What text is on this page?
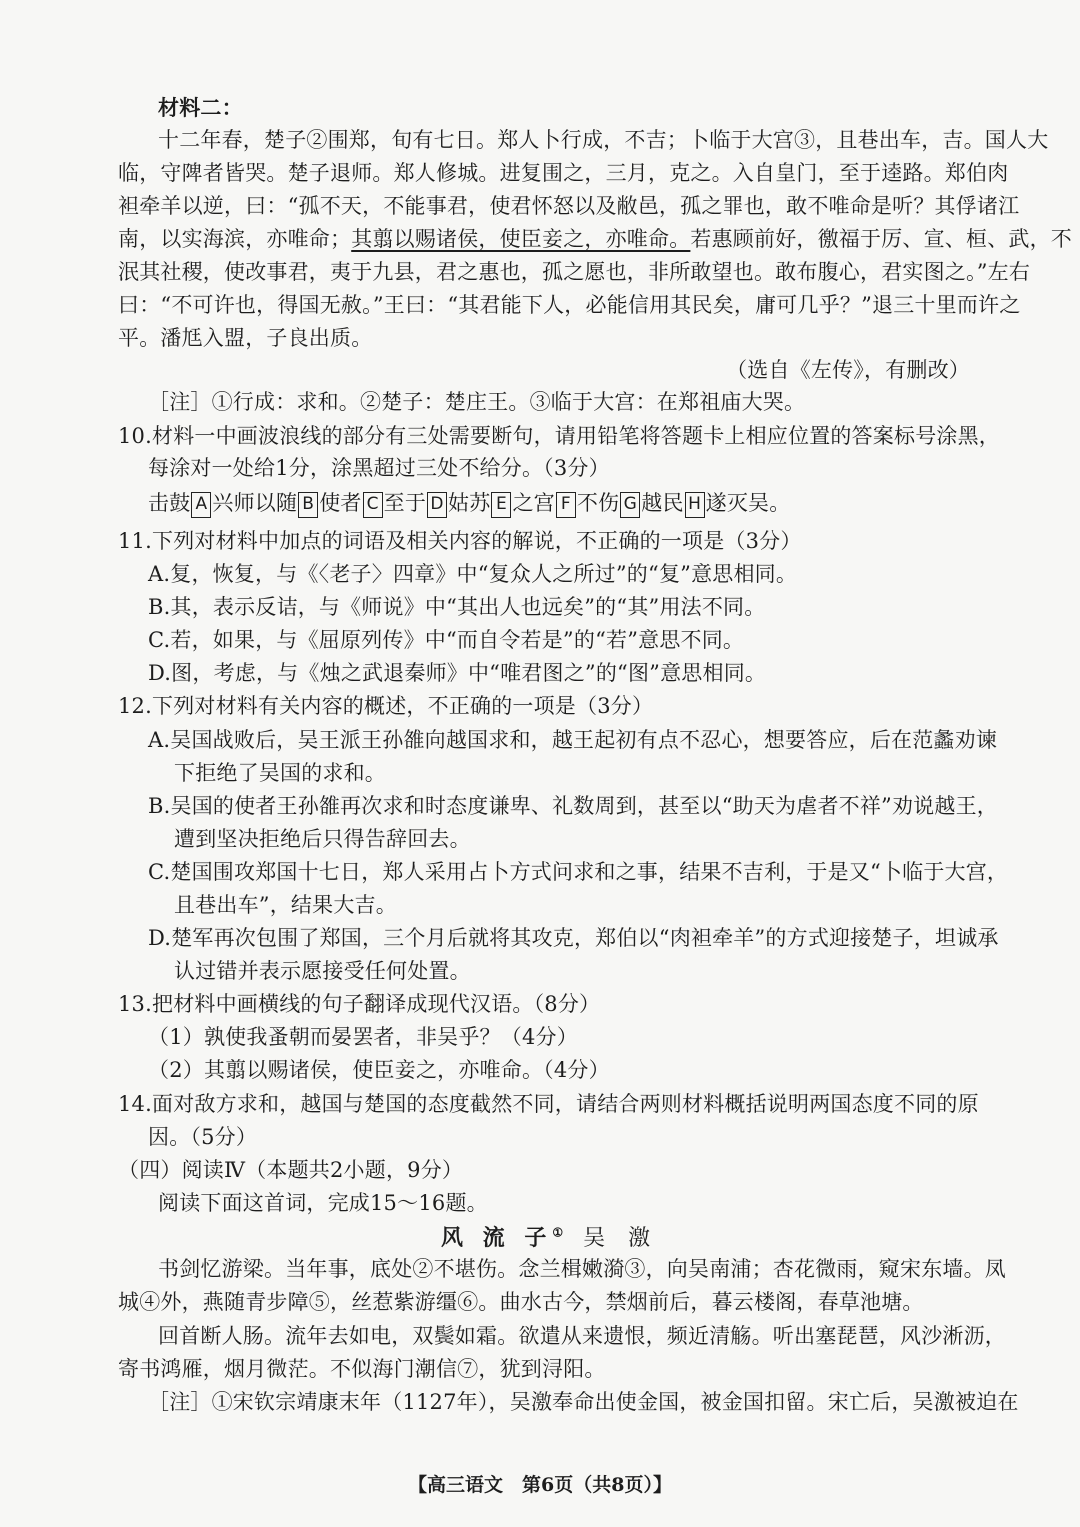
材料二：
十二年春，楚子②围郑，旬有七日。郑人卜行成，不吉；卜临于大宫③，且巷出车，吉。国人大
临，守陴者皆哭。楚子退师。郑人修城。进复围之，三月，克之。入自皇门，至于逵路。郑伯肉
袒牵羊以逆，曰：“孤不天，不能事君，使君怀怒以及敝邑，孤之罪也，敢不唯命是听？其俘诸江
南，以实海滨，亦唯命；其翦以赐诸侯，使臣妾之，亦唯命。若惠顾前好，徼福于厉、宣、桓、武，不
泯其社稷，使改事君，夷于九县，君之惠也，孤之愿也，非所敢望也。敢布腹心，君实图之。”左右
曰：“不可许也，得国无赦。”王曰：“其君能下人，必能信用其民矣，庸可几乎？”退三十里而许之
平。潘尪入盟，子良出质。
（选自《左传》，有删改）
［注］①行成：求和。②楚子：楚庄王。③临于大宫：在郑祖庙大哭。
10.材料一中画波浪线的部分有三处需要断句，请用铅笔将答题卡上相应位置的答案标号涂黑，
每涂对一处给1分，涂黑超过三处不给分。（3分）
击鼓 A 兴师以随 B 使者 C 至于 D 姑苏 E 之宫 F 不伤 G 越民 H 遂灭吴。
11.下列对材料中加点的词语及相关内容的解说，不正确的一项是（3分）
A.复，恢复，与《〈老子〉四章》中“复众人之所过”的“复”意思相同。
B.其，表示反诘，与《师说》中“其出人也远矣”的“其”用法不同。
C.若，如果，与《屈原列传》中“而自令若是”的“若”意思不同。
D.图，考虑，与《烛之武退秦师》中“唯君图之”的“图”意思相同。
12.下列对材料有关内容的概述，不正确的一项是（3分）
A.吴国战败后，吴王派王孙雒向越国求和，越王起初有点不忍心，想要答应，后在范蠡劝谏
下拒绝了吴国的求和。
B.吴国的使者王孙雒再次求和时态度谦卑、礼数周到，甚至以“助天为虐者不祥”劝说越王，
遭到坚决拒绝后只得告辞回去。
C.楚国围攻郑国十七日，郑人采用占卜方式问求和之事，结果不吉利，于是又“卜临于大宫，
且巷出车”，结果大吉。
D.楚军再次包围了郑国，三个月后就将其攻克，郑伯以“肉袒牵羊”的方式迎接楚子，坦诚承
认过错并表示愿接受任何处置。
13.把材料中画横线的句子翻译成现代汉语。（8分）
（1）孰使我蚤朝而晏罢者，非吴乎？（4分）
（2）其翦以赐诸侯，使臣妾之，亦唯命。（4分）
14.面对敌方求和，越国与楚国的态度截然不同，请结合两则材料概括说明两国态度不同的原
因。（5分）
（四）阅读Ⅳ（本题共2小题，9分）
阅读下面这首词，完成15～16题。
风 流 子① 吴 激
书剑忆游梁。当年事，底处②不堪伤。念兰楫嫩漪③，向吴南浦；杏花微雨，窥宋东墙。凤
城④外，燕随青步障⑤，丝惹紫游缰⑥。曲水古今，禁烟前后，暮云楼阁，春草池塘。
回首断人肠。流年去如电，双鬓如霜。欲遣从来遗恨，频近清觞。听出塞琵琶，风沙淅沥，
寄书鸿雁，烟月微茫。不似海门潮信⑦，犹到浔阳。
［注］①宋钦宗靖康末年（1127年），吴激奉命出使金国，被金国扣留。宋亡后，吴激被迫在
【高三语文　第6页（共8页）】
